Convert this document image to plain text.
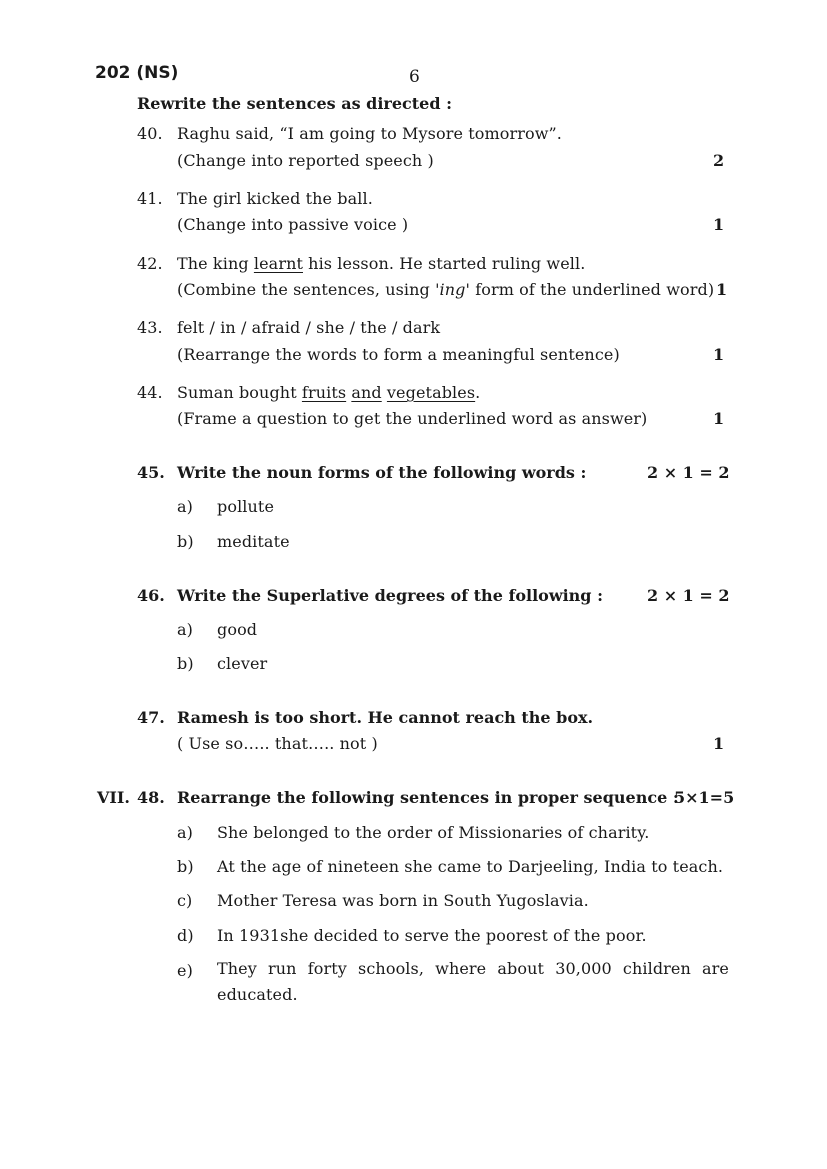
202 (NS)	6
Rewrite the sentences as directed :
40. Raghu said, “I am going to Mysore tomorrow”.
(Change into reported speech )	2
41. The girl kicked the ball.
(Change into passive voice )	1
42. The king learnt his lesson. He started ruling well.
(Combine the sentences, using 'ing' form of the underlined word) 1
43. felt / in / afraid / she / the / dark
(Rearrange the words to form a meaningful sentence)	1
44. Suman bought fruits and vegetables.
(Frame a question to get the underlined word as answer)	1
45. Write the noun forms of the following words :	2 × 1 = 2
a) pollute
b) meditate
46. Write the Superlative degrees of the following :	2 × 1 = 2
a) good
b) clever
47. Ramesh is too short. He cannot reach the box.
( Use so….. that….. not )	1
VII. 48. Rearrange the following sentences in proper sequence :
5×1=5
a) She belonged to the order of Missionaries of charity.
b) At the age of nineteen she came to Darjeeling, India to teach.
c) Mother Teresa was born in South Yugoslavia.
d) In 1931she decided to serve the poorest of the poor.
e) They run forty schools, where about 30,000 children are educated.
